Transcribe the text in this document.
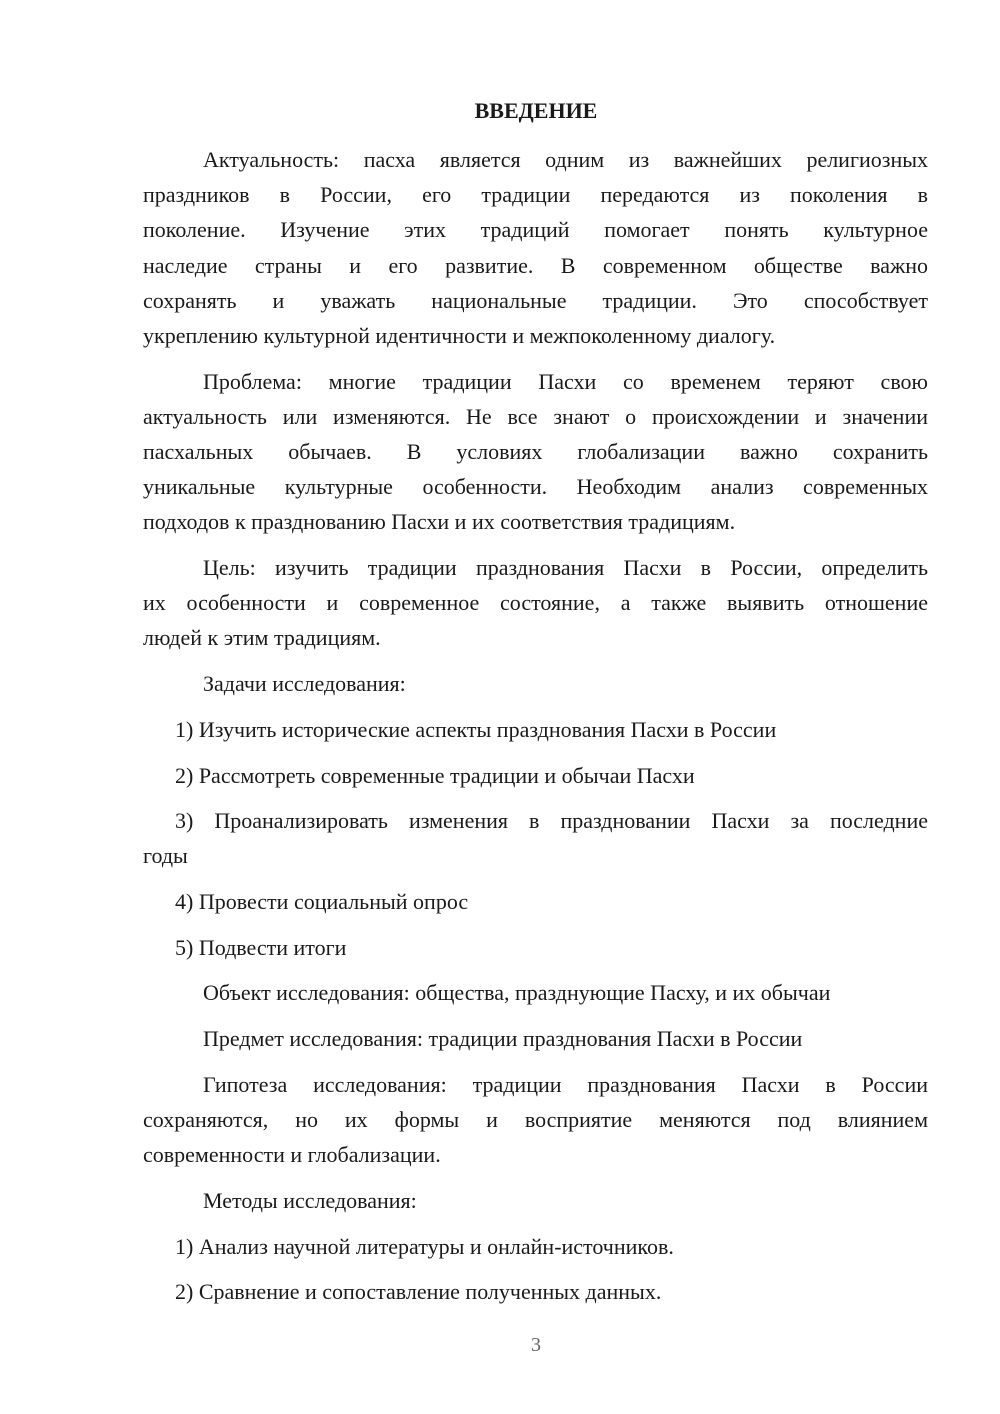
ВВЕДЕНИЕ
Актуальность: пасха является одним из важнейших религиозных
праздников в России, его традиции передаются из поколения в
поколение. Изучение этих традиций помогает понять культурное
наследие страны и его развитие. В современном обществе важно
сохранять и уважать национальные традиции. Это способствует
укреплению культурной идентичности и межпоколенному диалогу.
Проблема: многие традиции Пасхи со временем теряют свою
актуальность или изменяются. Не все знают о происхождении и значении
пасхальных обычаев. В условиях глобализации важно сохранить
уникальные культурные особенности. Необходим анализ современных
подходов к празднованию Пасхи и их соответствия традициям.
Цель: изучить традиции празднования Пасхи в России, определить
их особенности и современное состояние, а также выявить отношение
людей к этим традициям.
Задачи исследования:
1) Изучить исторические аспекты празднования Пасхи в России
2) Рассмотреть современные традиции и обычаи Пасхи
3) Проанализировать изменения в праздновании Пасхи за последние
годы
4) Провести социальный опрос
5) Подвести итоги
Объект исследования: общества, празднующие Пасху, и их обычаи
Предмет исследования: традиции празднования Пасхи в России
Гипотеза исследования: традиции празднования Пасхи в России
сохраняются, но их формы и восприятие меняются под влиянием
современности и глобализации.
Методы исследования:
1) Анализ научной литературы и онлайн-источников.
2) Сравнение и сопоставление полученных данных.
3
